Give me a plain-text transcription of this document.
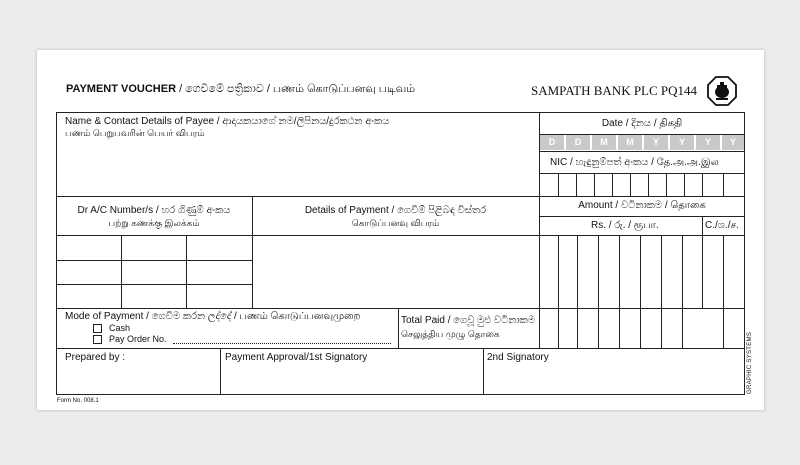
PAYMENT VOUCHER / ගෙවීමේ පත්‍රිකාව / பணம் கொடுப்பனவு படிவம்	SAMPATH BANK PLC PQ144
Name & Contact Details of Payee / ආදායකයාගේ නම/ලිපිනය/දුරකථන අංකය
பணம் பெறுபவரின் பெயர் விபரம்
Date / දිනය / திகதி
D	D	M	M	Y	Y	Y	Y
NIC / හැඳුනුම්පත් අංකය / தே.அ.அ.இல
Dr A/C Number/s / හර ගිණුම් අංකය
பற்று கணக்கு இலக்கம்
Details of Payment / ගෙවීම් පිළිබඳ විස්තර
கொடுப்பனவு விபரம்
Amount / වටිනාකම / தொகை
Rs. / රු. / ரூபா.	C./ශ./ச.
Mode of Payment / ගෙවීම කරන ලද්දේ / பணம் கொடுப்பனவுமுறை
Cash
Pay Order No.
Total Paid / ගෙවූ මුළු වටිනාකම
செலுத்திய முழு தொகை
Prepared by :	Payment Approval/1st Signatory	2nd Signatory
Form No. 008.1
GRAPHIC SYSTEMS
